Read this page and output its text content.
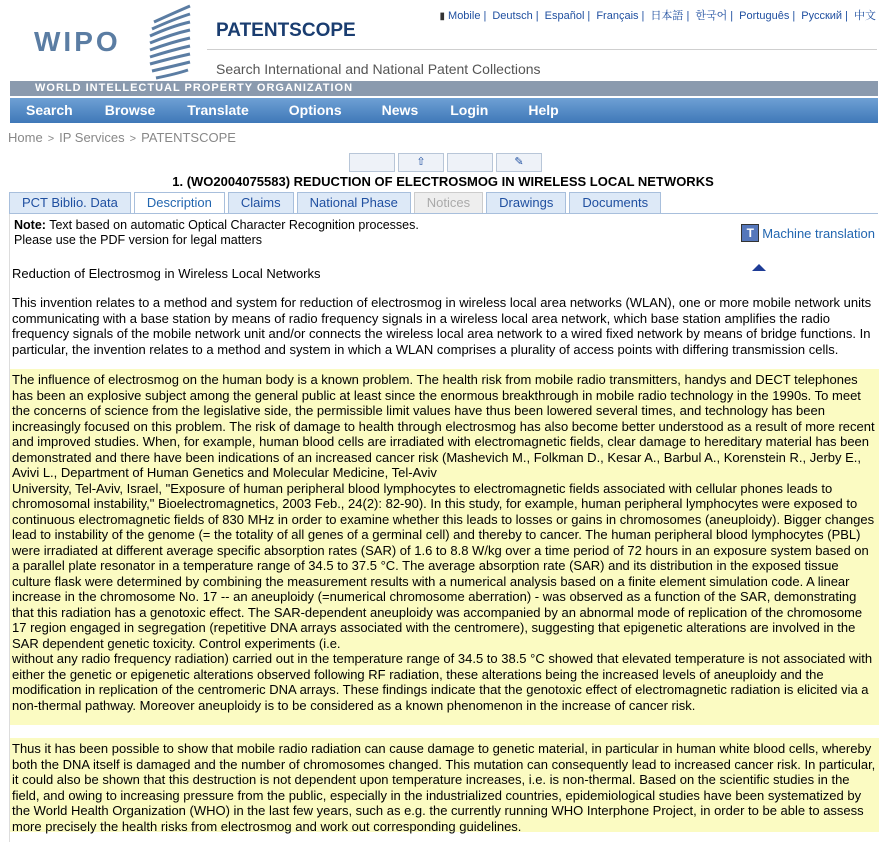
WIPO	PATENTSCOPE
Search International and National Patent Collections
▮ Mobile | Deutsch | Español | Français | 日本語 | 한국어 | Português | Русский | 中文
WORLD INTELLECTUAL PROPERTY ORGANIZATION
Search	Browse	Translate	Options	News	Login	Help
Home > IP Services > PATENTSCOPE
⇧	✎
1. (WO2004075583) REDUCTION OF ELECTROSMOG IN WIRELESS LOCAL NETWORKS
PCT Biblio. Data	Description	Claims	National Phase	Notices	Drawings	Documents
Note: Text based on automatic Optical Character Recognition processes.
Please use the PDF version for legal matters	T Machine translation
Reduction of Electrosmog in Wireless Local Networks
This invention relates to a method and system for reduction of electrosmog in wireless local area networks (WLAN), one or more mobile network units communicating with a base station by means of radio frequency signals in a wireless local area network, which base station amplifies the radio frequency signals of the mobile network unit and/or connects the wireless local area network to a wired fixed network by means of bridge functions. In particular, the invention relates to a method and system in which a WLAN comprises a plurality of access points with differing transmission cells.

The influence of electrosmog on the human body is a known problem. The health risk from mobile radio transmitters, handys and DECT telephones has been an explosive subject among the general public at least since the enormous breakthrough in mobile radio technology in the 1990s. To meet the concerns of science from the legislative side, the permissible limit values have thus been lowered several times, and technology has been increasingly focused on this problem. The risk of damage to health through electrosmog has also become better understood as a result of more recent and improved studies. When, for example, human blood cells are irradiated with electromagnetic fields, clear damage to hereditary material has been

demonstrated and there have been indications of an increased cancer risk (Mashevich M., Folkman D., Kesar A., Barbul A., Korenstein R., Jerby E., Avivi L., Department of Human Genetics and Molecular Medicine, Tel-Aviv

University, Tel-Aviv, Israel, "Exposure of human peripheral blood lymphocytes to electromagnetic fields associated with cellular phones leads to chromosomal instability," Bioelectromagnetics, 2003 Feb., 24(2): 82-90). In this study, for example, human peripheral lymphocytes were exposed to continuous electromagnetic fields of 830 MHz in order to examine whether this leads to losses or gains in chromosomes (aneuploidy). Bigger changes lead to instability of the genome (= the totality of all genes of a germinal cell) and thereby to cancer. The human peripheral blood lymphocytes (PBL) were irradiated at different average specific absorption rates (SAR) of 1.6 to 8.8 W/kg over a time period of 72 hours in an exposure system based on a parallel plate resonator in a temperature range of 34.5 to 37.5 °C. The average absorption rate (SAR) and its distribution in the exposed tissue culture flask were determined by combining the measurement results with a numerical analysis based on a finite element simulation code. A linear increase in the chromosome No. 17 -- an aneuploidy (=numerical chromosome aberration) - was observed as a function of the SAR, demonstrating that this radiation has a genotoxic effect. The SAR-dependent aneuploidy was accompanied by an abnormal mode of replication of the chromosome 17 region engaged in segregation (repetitive DNA arrays associated with the centromere), suggesting that epigenetic alterations are involved in the SAR dependent genetic toxicity. Control experiments (i.e.

without any radio frequency radiation) carried out in the temperature range of 34.5 to 38.5 °C showed that elevated temperature is not associated with either the genetic or epigenetic alterations observed following RF radiation, these alterations being the increased levels of aneuploidy and the modification in replication of the centromeric DNA arrays. These findings indicate that the genotoxic effect of electromagnetic radiation is elicited via a non-thermal pathway. Moreover aneuploidy is to be considered as a known phenomenon in the increase of cancer risk.

Thus it has been possible to show that mobile radio radiation can cause damage to genetic material, in particular in human white blood cells, whereby both the DNA itself is damaged and the number of chromosomes changed. This mutation can consequently lead to increased cancer risk. In particular, it could also be shown that this destruction is not dependent upon temperature increases, i.e. is non-thermal. Based on the scientific studies in the field, and owing to increasing pressure from the public, especially in the industrialized countries, epidemiological studies have been systematized by the World Health Organization (WHO) in the last few years, such as e.g. the currently running WHO Interphone Project, in order to be able to assess more precisely the health risks from electrosmog and work out corresponding guidelines.
